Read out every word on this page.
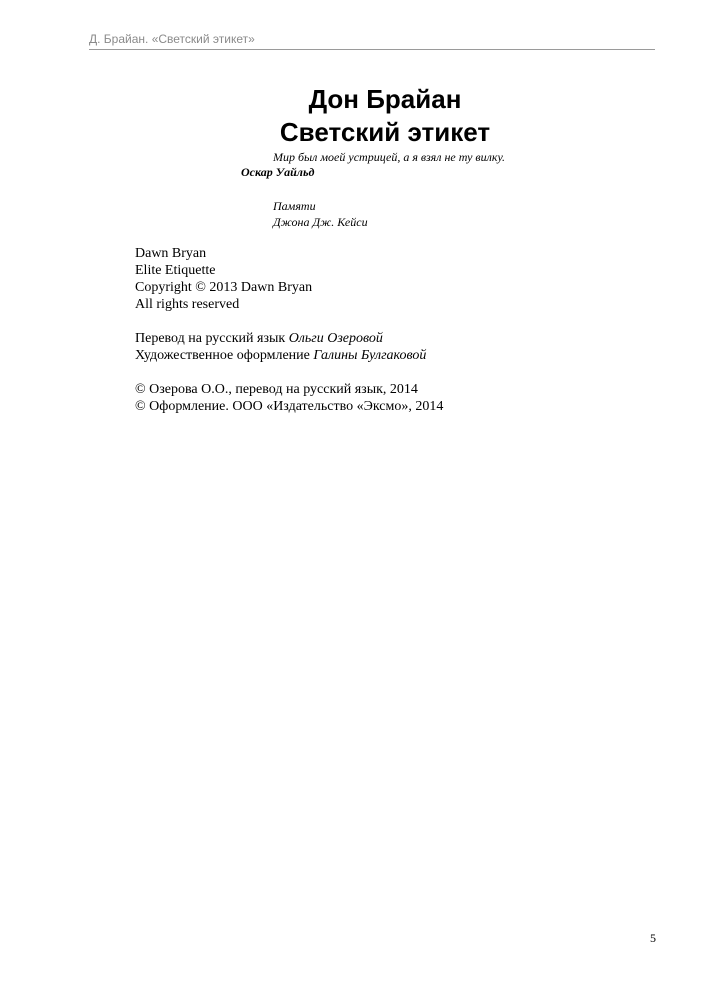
Д. Брайан. «Светский этикет»
Дон Брайан
Светский этикет
Мир был моей устрицей, а я взял не ту вилку.
Оскар Уайльд
Памяти
Джона Дж. Кейси
Dawn Bryan
Elite Etiquette
Copyright © 2013 Dawn Bryan
All rights reserved
Перевод на русский язык Ольги Озеровой
Художественное оформление Галины Булгаковой
© Озерова О.О., перевод на русский язык, 2014
© Оформление. ООО «Издательство «Эксмо», 2014
5
